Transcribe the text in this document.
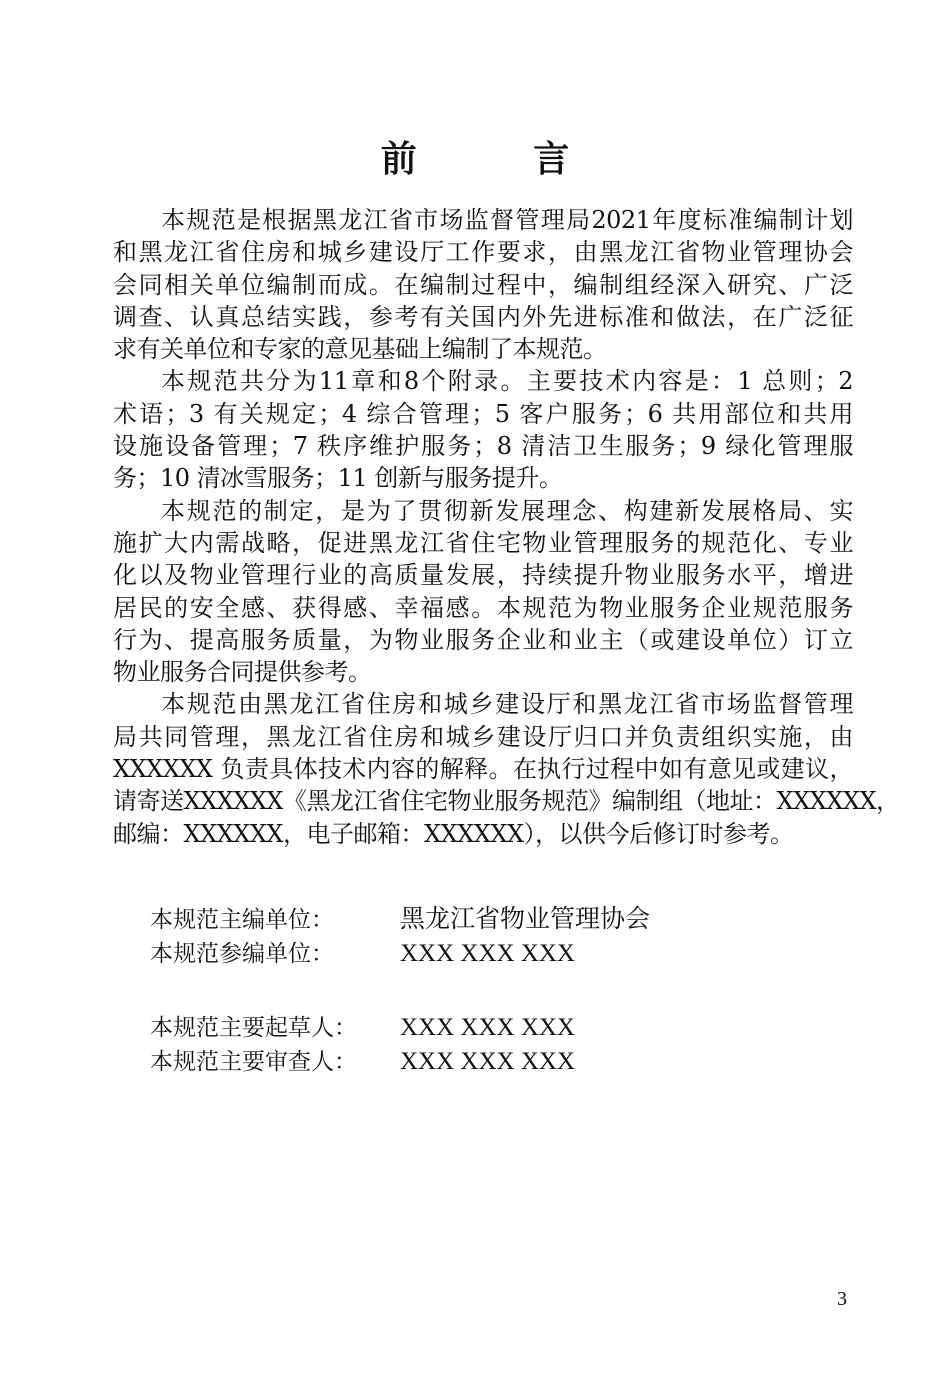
前 言
本规范是根据黑龙江省市场监督管理局2021年度标准编制计划
和黑龙江省住房和城乡建设厅工作要求，由黑龙江省物业管理协会
会同相关单位编制而成。在编制过程中，编制组经深入研究、广泛
调查、认真总结实践，参考有关国内外先进标准和做法，在广泛征
求有关单位和专家的意见基础上编制了本规范。
本规范共分为11章和8个附录。主要技术内容是：1 总则；2
术语；3 有关规定；4 综合管理；5 客户服务；6 共用部位和共用
设施设备管理；7 秩序维护服务；8 清洁卫生服务；9 绿化管理服
务；10 清冰雪服务；11 创新与服务提升。
本规范的制定，是为了贯彻新发展理念、构建新发展格局、实
施扩大内需战略，促进黑龙江省住宅物业管理服务的规范化、专业
化以及物业管理行业的高质量发展，持续提升物业服务水平，增进
居民的安全感、获得感、幸福感。本规范为物业服务企业规范服务
行为、提高服务质量，为物业服务企业和业主（或建设单位）订立
物业服务合同提供参考。
本规范由黑龙江省住房和城乡建设厅和黑龙江省市场监督管理
局共同管理，黑龙江省住房和城乡建设厅归口并负责组织实施，由
XXXXXX 负责具体技术内容的解释。在执行过程中如有意见或建议，
请寄送XXXXXX《黑龙江省住宅物业服务规范》编制组（地址：XXXXXX，
邮编：XXXXXX，电子邮箱：XXXXXX），以供今后修订时参考。
本规范主编单位：	黑龙江省物业管理协会
本规范参编单位：	XXX XXX XXX
本规范主要起草人：	XXX XXX XXX
本规范主要审查人：	XXX XXX XXX
3
